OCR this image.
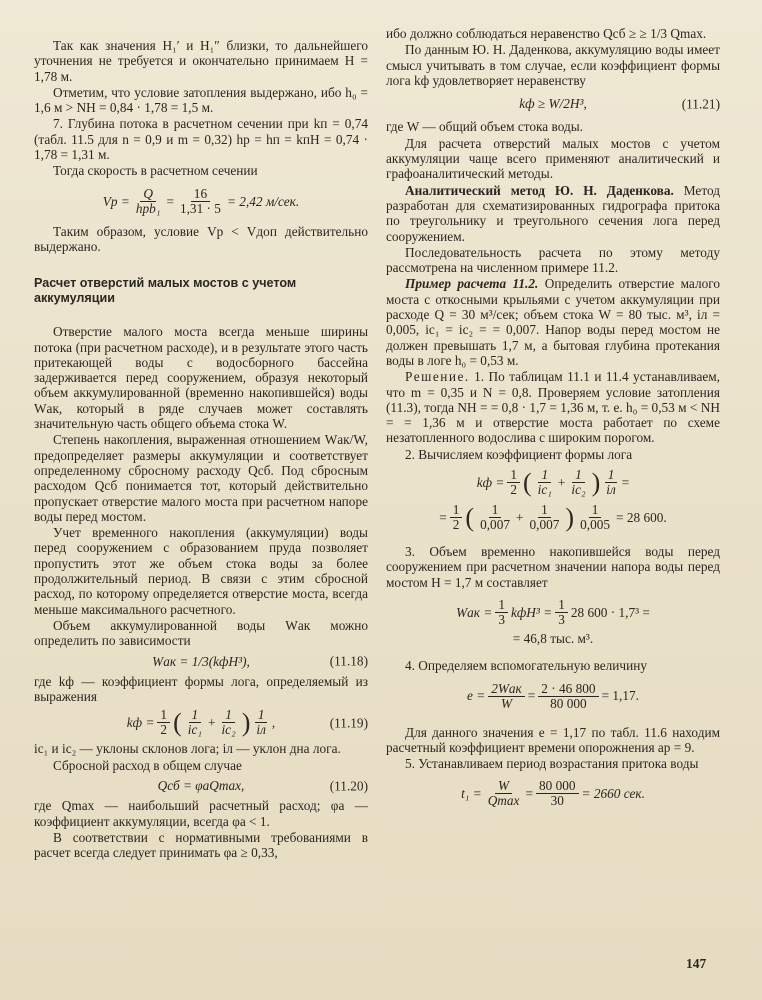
Так как значения H₁′ и H₁″ близки, то дальнейшего уточнения не требуется и окончательно принимаем H = 1,78 м.

Отметим, что условие затопления выдержано, ибо h₀ = 1,6 м > NH = 0,84 · 1,78 = 1,5 м.

7. Глубина потока в расчетном сечении при kп = 0,74 (табл. 11.5 для n = 0,9 и m = 0,32) hр = hп = kпH = 0,74 · 1,78 = 1,31 м.

Тогда скорость в расчетном сечении

Vр = $\frac{Q}{\text{hрb₁}} = \frac{16}{1,31 \cdot 5} = 2,42$ м/сек.

Таким образом, условие Vр < Vдоп действительно выдержано.

Расчет отверстий малых мостов с учетом аккумуляции

Отверстие малого моста всегда меньше ширины потока (при расчетном расходе), и в результате этого часть притекающей воды с водосборного бассейна задерживается перед сооружением, образуя некоторый объем аккумулированной (временно накопившейся) воды Wак, который в ряде случаев может составлять значительную часть общего объема стока W.

Степень накопления, выраженная отношением Wак/W, предопределяет размеры аккумуляции и соответствует определенному сбросному расходу Qсб. Под сбросным расходом Qсб понимается тот, который действительно пропускает отверстие малого моста при расчетном напоре воды перед мостом.

Учет временного накопления (аккумуляции) воды перед сооружением с образованием пруда позволяет пропустить этот же объем стока воды за более продолжительный период. В связи с этим сбросной расход, по которому определяется отверстие моста, всегда меньше максимального расчетного.

Объем аккумулированной воды Wак можно определить по зависимости

Wак = 1/3(kфH³),	(11.18)

где kф — коэффициент формы лога, определяемый из выражения

kф = $\frac{1}{2}$ ( $\frac{1}{\text{iс₁}} + \frac{1}{\text{iс₂}}$ ) $\frac{1}{iл}$ ,	(11.19)

iс₁ и iс₂ — уклоны склонов лога; iл — уклон дна лога.

Сбросной расход в общем случае

Qсб = φаQmax,	(11.20)

где Qmax — наибольший расчетный расход; φа — коэффициент аккумуляции, всегда φа < 1.

В соответствии с нормативными требованиями в расчет всегда следует принимать φа ≥ 0,33,

ибо должно соблюдаться неравенство Qсб ≥ ≥ 1/3 Qmax.

По данным Ю. Н. Даденкова, аккумуляцию воды имеет смысл учитывать в том случае, если коэффициент формы лога kф удовлетворяет неравенству

kф ≥ W/2H³,	(11.21)

где W — общий объем стока воды.

Для расчета отверстий малых мостов с учетом аккумуляции чаще всего применяют аналитический и графоаналитический методы.

Аналитический метод Ю. Н. Даденкова. Метод разработан для схематизированных гидрографа притока по треугольнику и треугольного сечения лога перед сооружением.

Последовательность расчета по этому методу рассмотрена на численном примере 11.2.

Пример расчета 11.2. Определить отверстие малого моста с откосными крыльями с учетом аккумуляции при расходе Q = 30 м³/сек; объем стока W = 80 тыс. м³, iл = 0,005, iс₁ = iс₂ = = 0,007. Напор воды перед мостом не должен превышать 1,7 м, а бытовая глубина протекания воды в логе h₀ = 0,53 м.

Решение. 1. По таблицам 11.1 и 11.4 устанавливаем, что m = 0,35 и N = 0,8. Проверяем условие затопления (11.3), тогда NH = = 0,8 · 1,7 = 1,36 м, т. е. h₀ = 0,53 м < NH = = 1,36 м и отверстие моста работает по схеме незатопленного водослива с широким порогом.

2. Вычисляем коэффициент формы лога

kф = $\frac{1}{2}$ ( $\frac{1}{\text{iс₁}} + \frac{1}{\text{iс₂}}$ ) $\frac{1}{iл}$ =
= $\frac{1}{2}$ ( $\frac{1}{0,007} + \frac{1}{0,007}$ ) $\frac{1}{0,005} = 28$ 600.

3. Объем временно накопившейся воды перед сооружением при расчетном значении напора воды перед мостом H = 1,7 м составляет

Wак = $\frac{1}{3} kфH^3 = \frac{1}{3} 28$ 600 · 1,7³ =
= 46,8 тыс. м³.

4. Определяем вспомогательную величину

$e = \frac{\text{2Wак}}{W} = \frac{2 \cdot 46 800}{80 000} = 1,17$.

Для данного значения e = 1,17 по табл. 11.6 находим расчетный коэффициент времени опорожнения aр = 9.

5. Устанавливаем период возрастания притока воды

$t_1 = \frac{W}{Qmax} = \frac{80 000}{30} = 2660$ сек.
147
